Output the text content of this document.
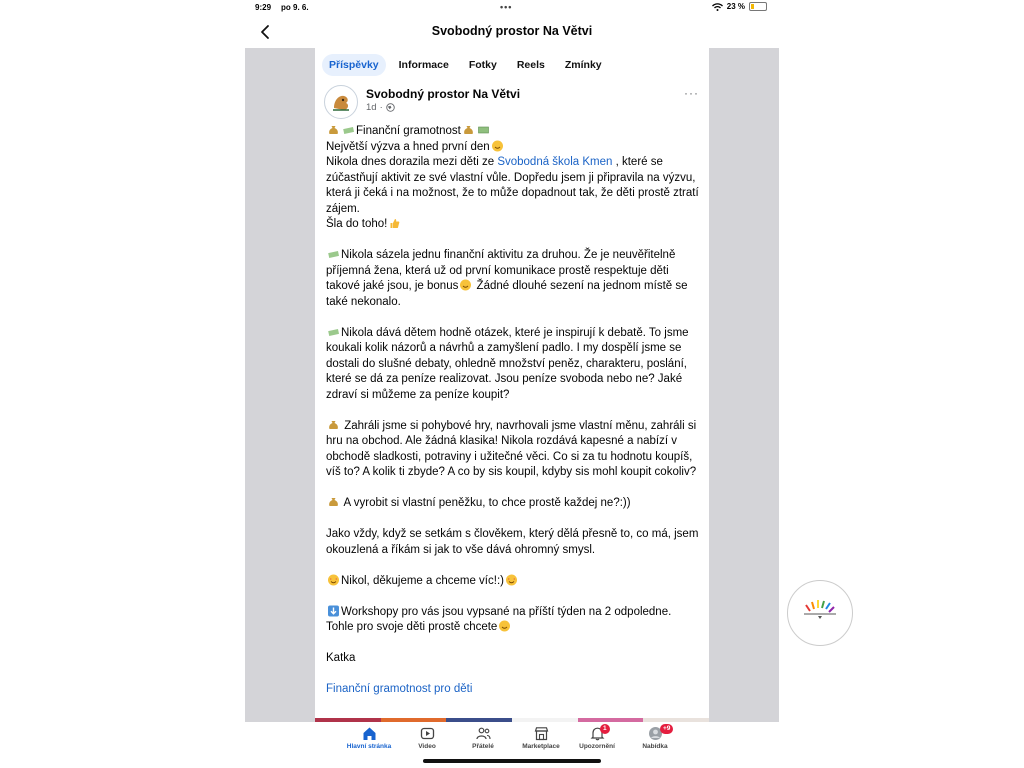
9:29 po 9. 6.	•••	23 %
Svobodný prostor Na Větvi
Příspěvky	Informace	Fotky	Reels	Zmínky
Svobodný prostor Na Větvi
1d ·
···

Finanční gramotnost
Největší výzva a hned první den
Nikola dnes dorazila mezi děti ze Svobodná škola Kmen , které se zúčastňují aktivit ze své vlastní vůle. Dopředu jsem ji připravila na výzvu, která ji čeká i na možnost, že to může dopadnout tak, že děti prostě ztratí zájem.
Šla do toho!

Nikola sázela jednu finanční aktivitu za druhou. Že je neuvěřitelně příjemná žena, která už od první komunikace prostě respektuje děti takové jaké jsou, je bonus Žádné dlouhé sezení na jednom místě se také nekonalo.

Nikola dává dětem hodně otázek, které je inspirují k debatě. To jsme koukali kolik názorů a návrhů a zamyšlení padlo. I my dospělí jsme se dostali do slušné debaty, ohledně množství peněz, charakteru, poslání, které se dá za peníze realizovat. Jsou peníze svoboda nebo ne? Jaké zdraví si můžeme za peníze koupit?

Zahráli jsme si pohybové hry, navrhovali jsme vlastní měnu, zahráli si hru na obchod. Ale žádná klasika! Nikola rozdává kapesné a nabízí v obchodě sladkosti, potraviny i užitečné věci. Co si za tu hodnotu koupíš, víš to? A kolik ti zbyde? A co by sis koupil, kdyby sis mohl koupit cokoliv?

A vyrobit si vlastní peněžku, to chce prostě každej ne?:))

Jako vždy, když se setkám s člověkem, který dělá přesně to, co má, jsem okouzlená a říkám si jak to vše dává ohromný smysl.

Nikol, děkujeme a chceme víc!:)

Workshopy pro vás jsou vypsané na příští týden na 2 odpoledne. Tohle pro svoje děti prostě chcete

Katka

Finanční gramotnost pro děti

Hlavní stránka	Video	Přátelé	Marketplace
1
Upozornění
+9
Nabídka
